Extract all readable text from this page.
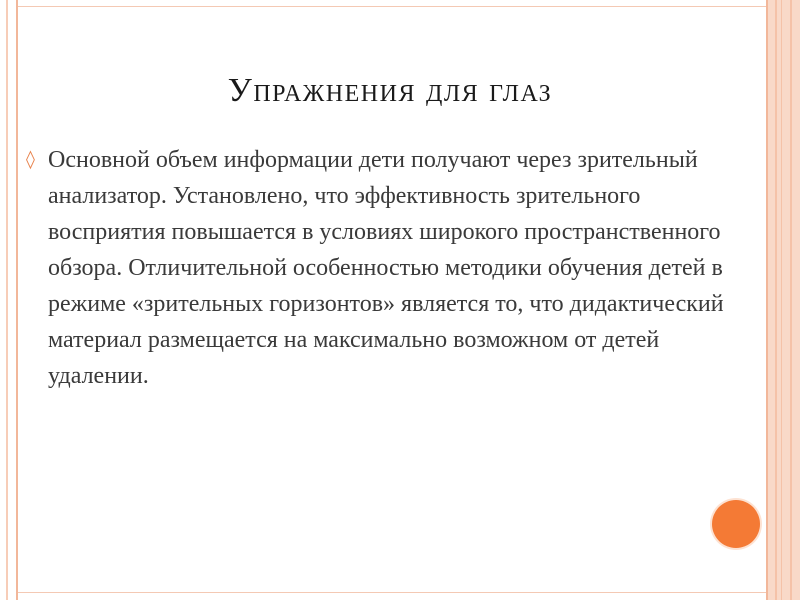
Упражнения для глаз
◊ Основной объем информации дети получают через зрительный анализатор. Установлено, что эффективность зрительного восприятия повышается в условиях широкого пространственного обзора. Отличительной особенностью методики обучения детей в режиме «зрительных горизонтов» является то, что дидактический материал размещается на максимально возможном от детей удалении.
